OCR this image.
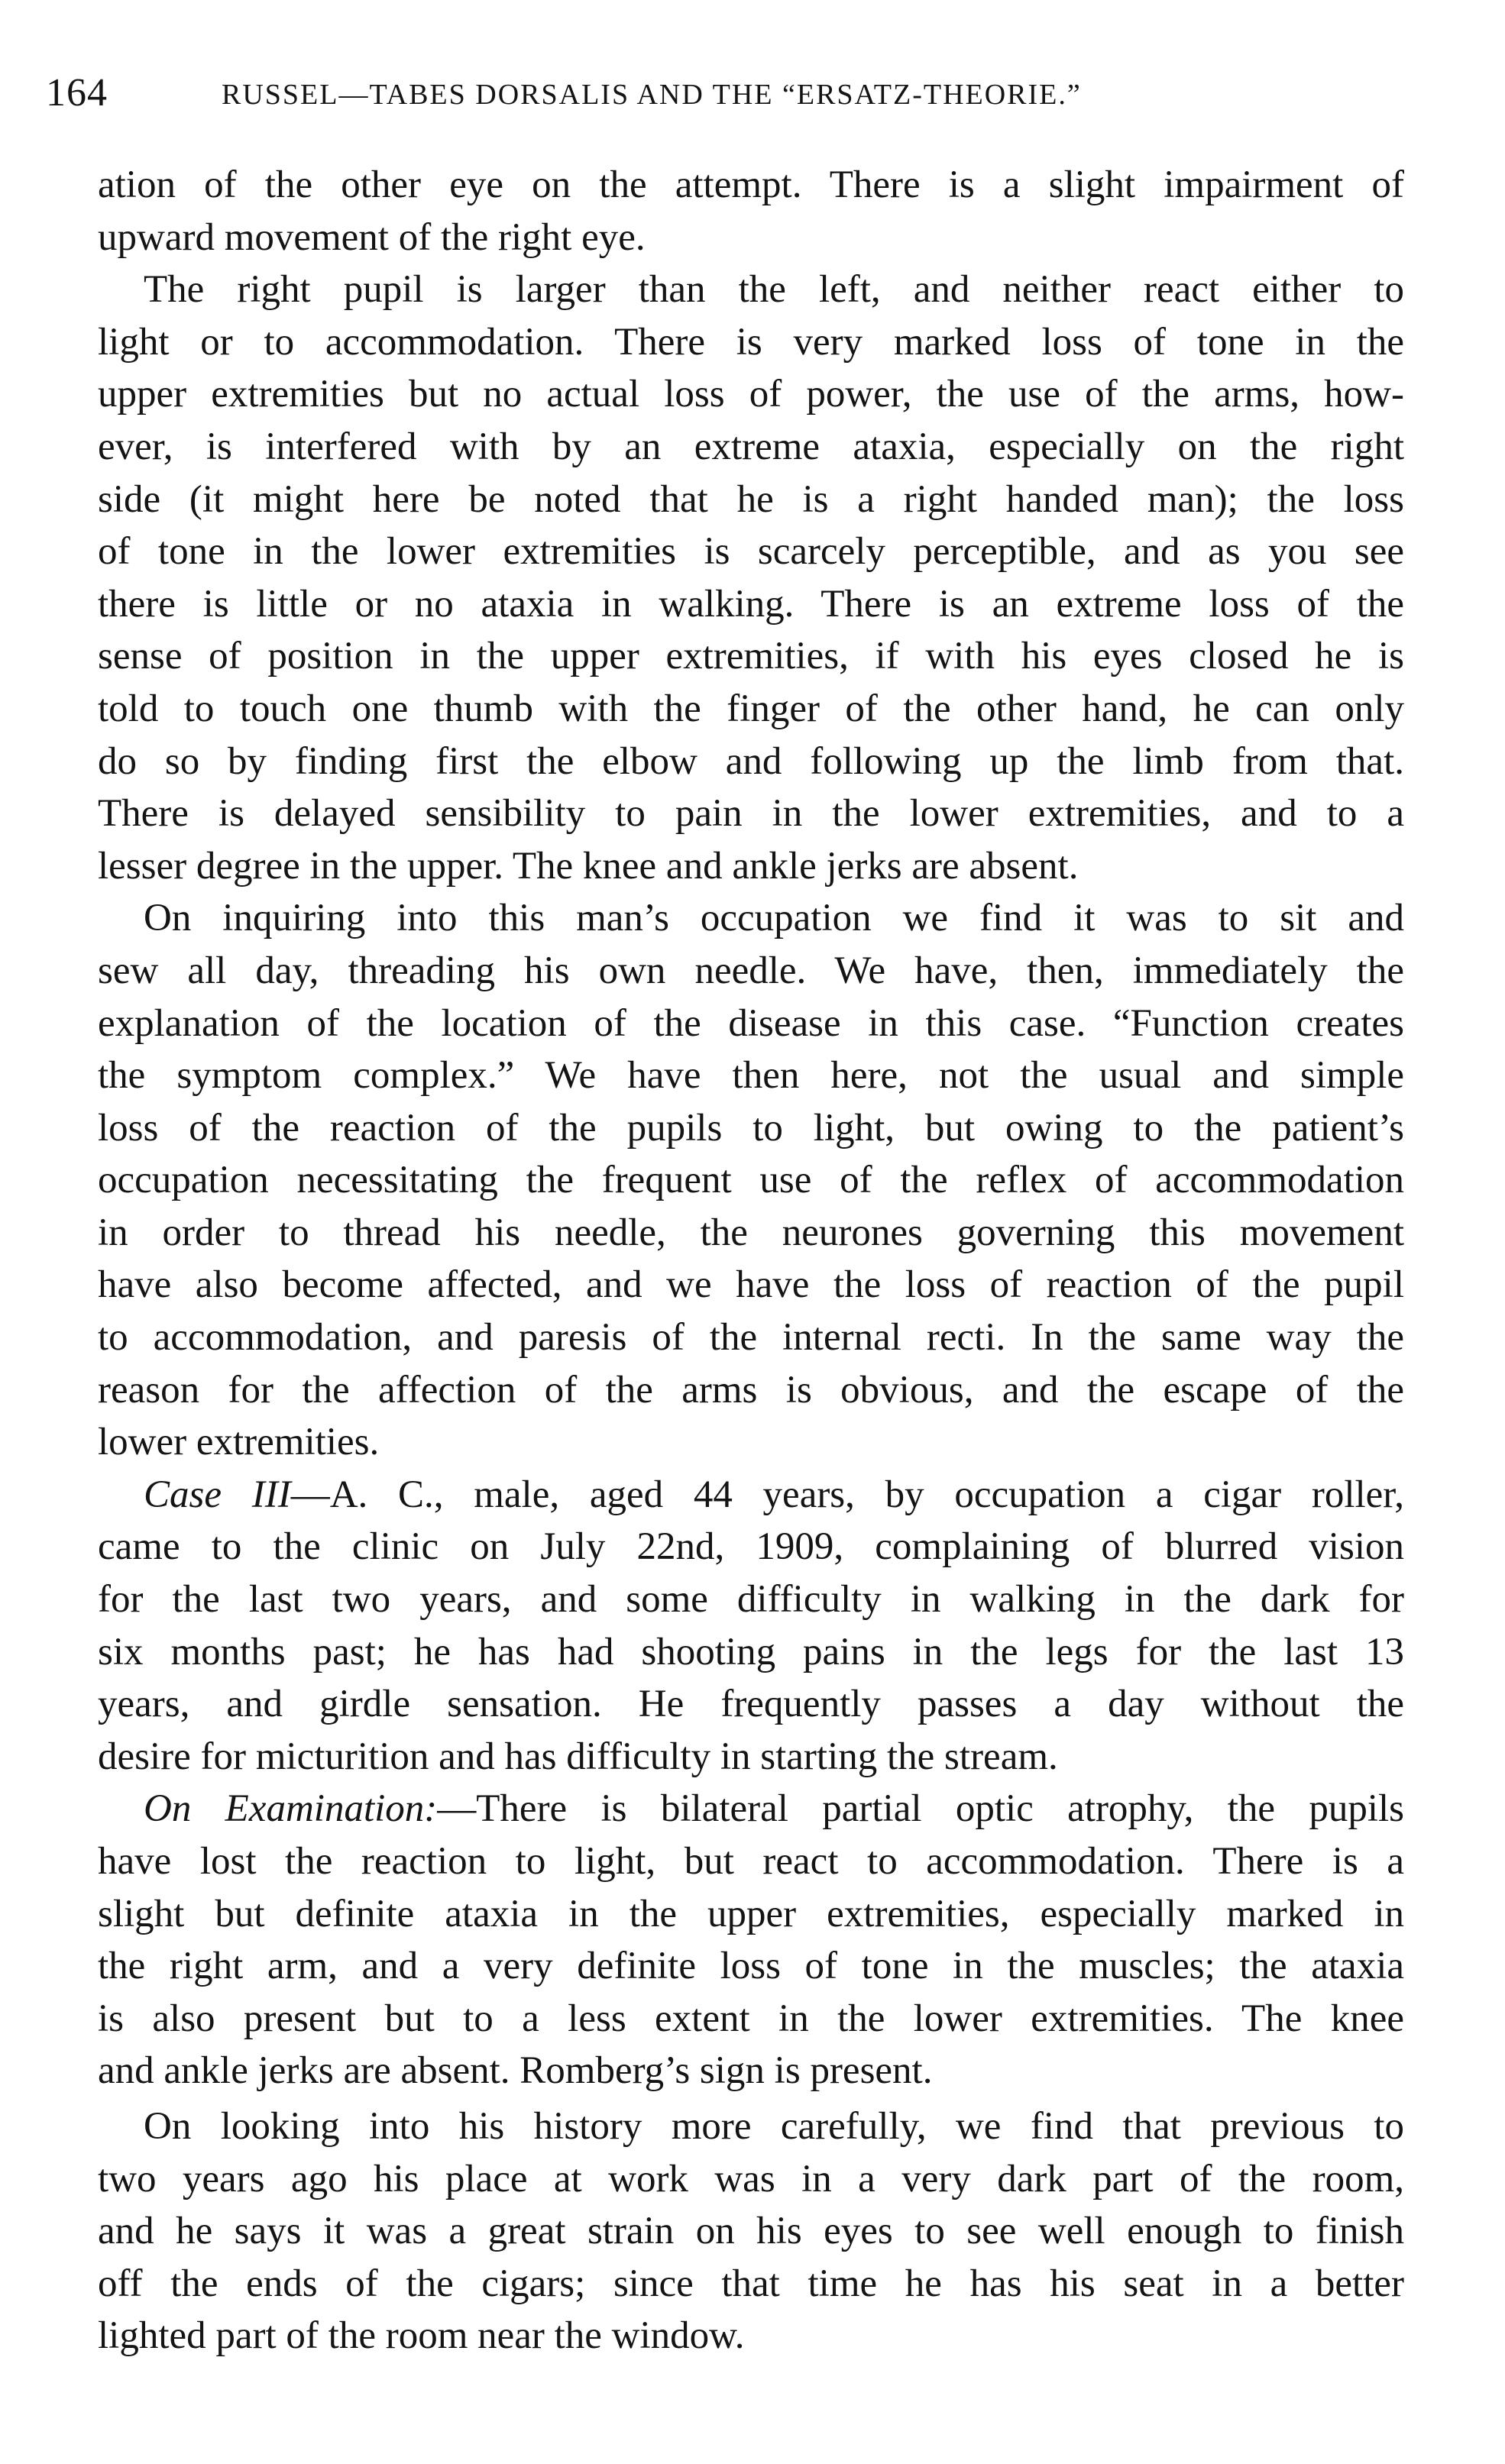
164	RUSSEL—TABES DORSALIS AND THE “ERSATZ-THEORIE.”
ation of the other eye on the attempt. There is a slight impairment of
upward movement of the right eye.
The right pupil is larger than the left, and neither react either to
light or to accommodation. There is very marked loss of tone in the
upper extremities but no actual loss of power, the use of the arms, how-
ever, is interfered with by an extreme ataxia, especially on the right
side (it might here be noted that he is a right handed man); the loss
of tone in the lower extremities is scarcely perceptible, and as you see
there is little or no ataxia in walking. There is an extreme loss of the
sense of position in the upper extremities, if with his eyes closed he is
told to touch one thumb with the finger of the other hand, he can only
do so by finding first the elbow and following up the limb from that.
There is delayed sensibility to pain in the lower extremities, and to a
lesser degree in the upper. The knee and ankle jerks are absent.
On inquiring into this man’s occupation we find it was to sit and
sew all day, threading his own needle. We have, then, immediately the
explanation of the location of the disease in this case. “Function creates
the symptom complex.” We have then here, not the usual and simple
loss of the reaction of the pupils to light, but owing to the patient’s
occupation necessitating the frequent use of the reflex of accommodation
in order to thread his needle, the neurones governing this movement
have also become affected, and we have the loss of reaction of the pupil
to accommodation, and paresis of the internal recti. In the same way the
reason for the affection of the arms is obvious, and the escape of the
lower extremities.
Case III—A. C., male, aged 44 years, by occupation a cigar roller,
came to the clinic on July 22nd, 1909, complaining of blurred vision
for the last two years, and some difficulty in walking in the dark for
six months past; he has had shooting pains in the legs for the last 13
years, and girdle sensation. He frequently passes a day without the
desire for micturition and has difficulty in starting the stream.
On Examination:—There is bilateral partial optic atrophy, the pupils
have lost the reaction to light, but react to accommodation. There is a
slight but definite ataxia in the upper extremities, especially marked in
the right arm, and a very definite loss of tone in the muscles; the ataxia
is also present but to a less extent in the lower extremities. The knee
and ankle jerks are absent. Romberg’s sign is present.
On looking into his history more carefully, we find that previous to
two years ago his place at work was in a very dark part of the room,
and he says it was a great strain on his eyes to see well enough to finish
off the ends of the cigars; since that time he has his seat in a better
lighted part of the room near the window.
